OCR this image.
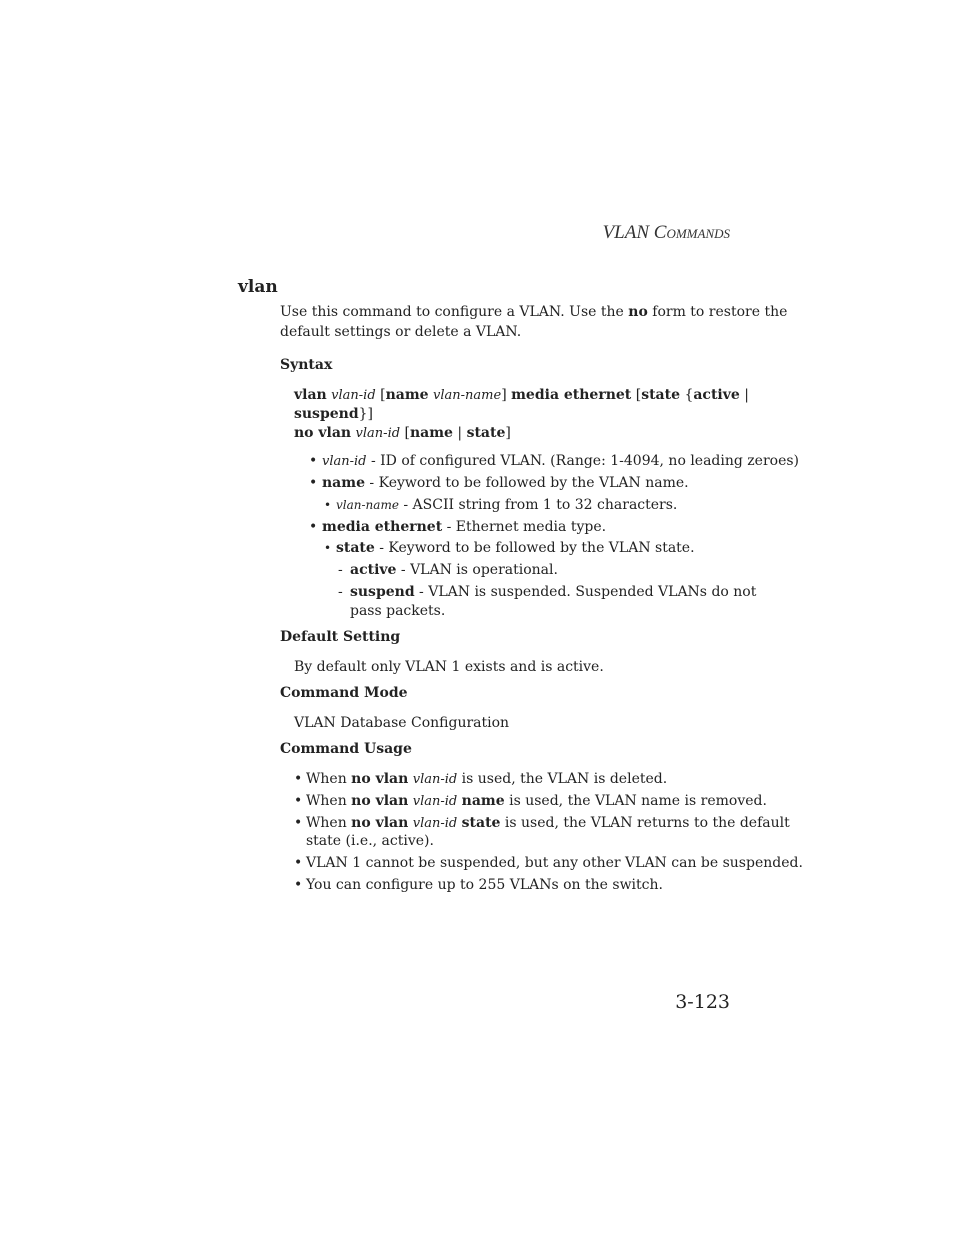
VLAN COMMANDS
vlan
Use this command to configure a VLAN. Use the no form to restore the
default settings or delete a VLAN.
Syntax
vlan vlan-id [name vlan-name] media ethernet [state {active |
suspend}]
no vlan vlan-id [name | state]
• vlan-id - ID of configured VLAN. (Range: 1-4094, no leading zeroes)
• name - Keyword to be followed by the VLAN name.
• vlan-name - ASCII string from 1 to 32 characters.
• media ethernet - Ethernet media type.
• state - Keyword to be followed by the VLAN state.
- active - VLAN is operational.
- suspend - VLAN is suspended. Suspended VLANs do not
pass packets.
Default Setting
By default only VLAN 1 exists and is active.
Command Mode
VLAN Database Configuration
Command Usage
• When no vlan vlan-id is used, the VLAN is deleted.
• When no vlan vlan-id name is used, the VLAN name is removed.
• When no vlan vlan-id state is used, the VLAN returns to the default
state (i.e., active).
• VLAN 1 cannot be suspended, but any other VLAN can be suspended.
• You can configure up to 255 VLANs on the switch.
3-123
